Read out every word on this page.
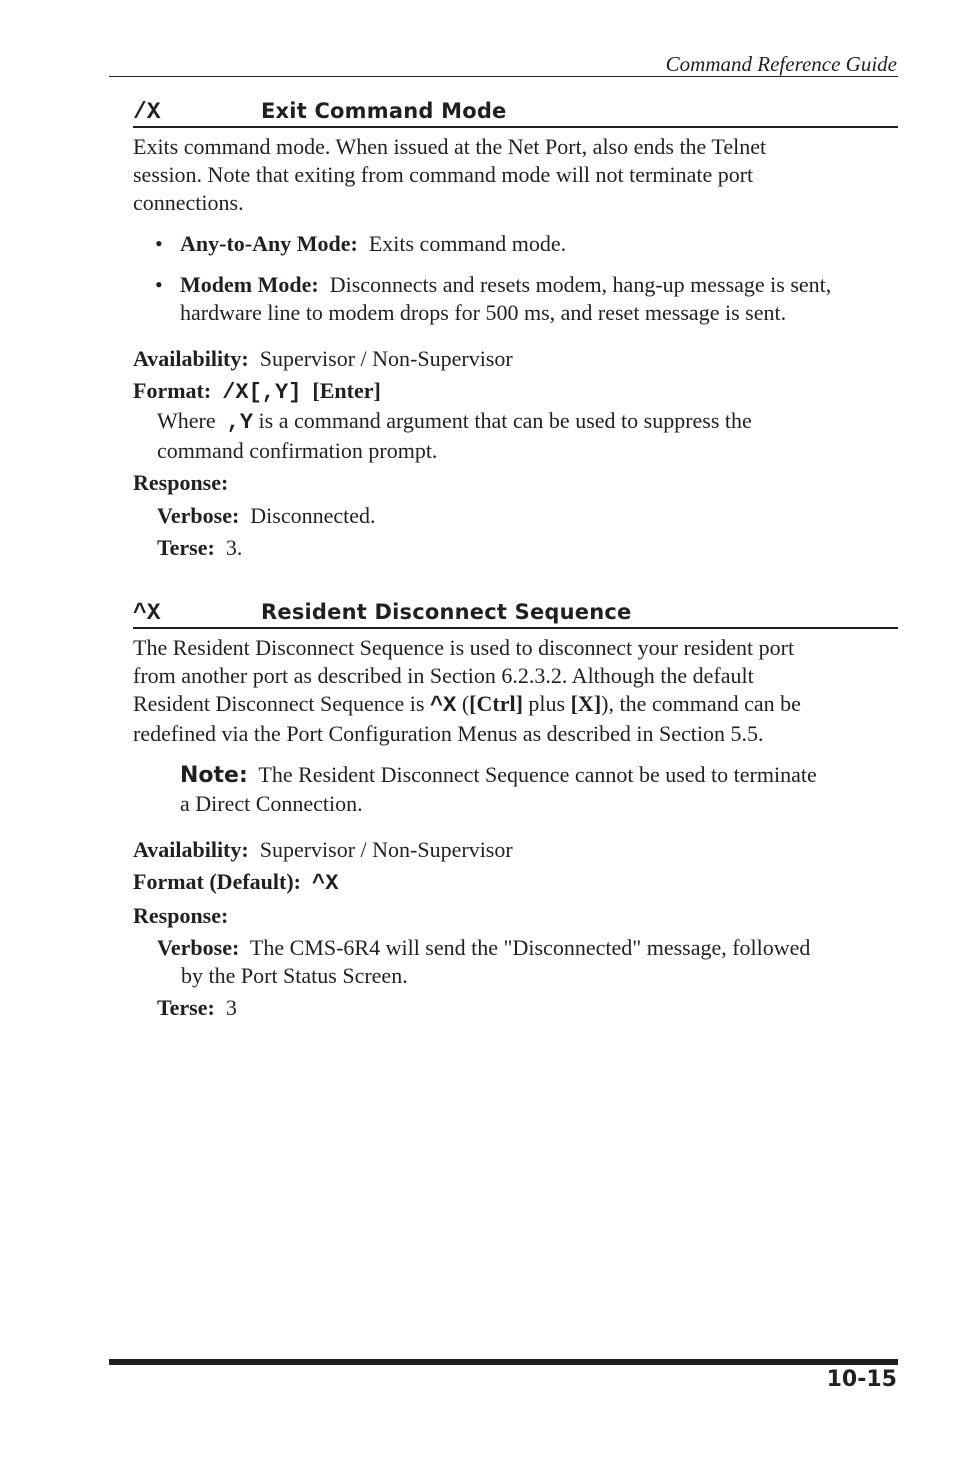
Command Reference Guide
/X	Exit Command Mode

Exits command mode. When issued at the Net Port, also ends the Telnet

session. Note that exiting from command mode will not terminate port

connections.

• Any-to-Any Mode: Exits command mode.
• Modem Mode: Disconnects and resets modem, hang-up message is sent,
hardware line to modem drops for 500 ms, and reset message is sent.

Availability: Supervisor / Non-Supervisor

Format: /X[,Y] [Enter]

Where ,Y is a command argument that can be used to suppress the

command confirmation prompt.

Response:

Verbose: Disconnected.

Terse: 3.

^X	Resident Disconnect Sequence

The Resident Disconnect Sequence is used to disconnect your resident port

from another port as described in Section 6.2.3.2. Although the default

Resident Disconnect Sequence is ^X ([Ctrl] plus [X]), the command can be

redefined via the Port Configuration Menus as described in Section 5.5.

Note: The Resident Disconnect Sequence cannot be used to terminate

a Direct Connection.

Availability: Supervisor / Non-Supervisor

Format (Default): ^X

Response:

Verbose: The CMS-6R4 will send the "Disconnected" message, followed

by the Port Status Screen.

Terse: 3

10-15
